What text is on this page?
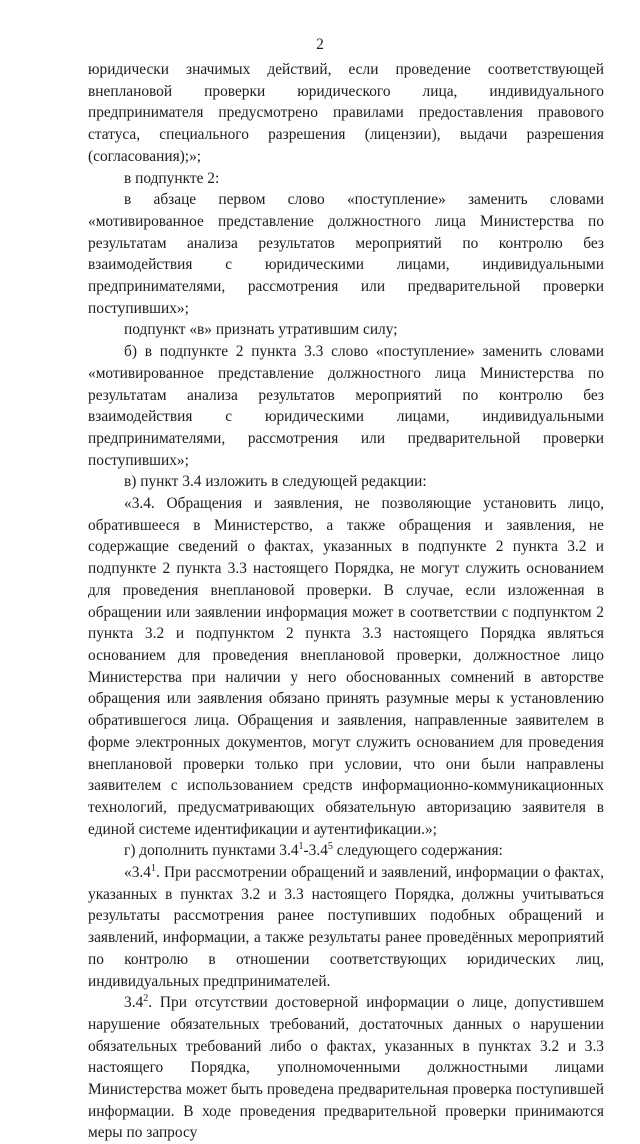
2

юридически значимых действий, если проведение соответствующей внеплановой проверки юридического лица, индивидуального предпринимателя предусмотрено правилами предоставления правового статуса, специального разрешения (лицензии), выдачи разрешения (согласования);»;

в подпункте 2:

в абзаце первом слово «поступление» заменить словами «мотивированное представление должностного лица Министерства по результатам анализа результатов мероприятий по контролю без взаимодействия с юридическими лицами, индивидуальными предпринимателями, рассмотрения или предварительной проверки поступивших»;

подпункт «в» признать утратившим силу;

б) в подпункте 2 пункта 3.3 слово «поступление» заменить словами «мотивированное представление должностного лица Министерства по результатам анализа результатов мероприятий по контролю без взаимодействия с юридическими лицами, индивидуальными предпринимателями, рассмотрения или предварительной проверки поступивших»;

в) пункт 3.4 изложить в следующей редакции:

«3.4. Обращения и заявления, не позволяющие установить лицо, обратившееся в Министерство, а также обращения и заявления, не содержащие сведений о фактах, указанных в подпункте 2 пункта 3.2 и подпункте 2 пункта 3.3 настоящего Порядка, не могут служить основанием для проведения внеплановой проверки. В случае, если изложенная в обращении или заявлении информация может в соответствии с подпунктом 2 пункта 3.2 и подпунктом 2 пункта 3.3 настоящего Порядка являться основанием для проведения внеплановой проверки, должностное лицо Министерства при наличии у него обоснованных сомнений в авторстве обращения или заявления обязано принять разумные меры к установлению обратившегося лица. Обращения и заявления, направленные заявителем в форме электронных документов, могут служить основанием для проведения внеплановой проверки только при условии, что они были направлены заявителем с использованием средств информационно-коммуникационных технологий, предусматривающих обязательную авторизацию заявителя в единой системе идентификации и аутентификации.»;

г) дополнить пунктами $3.4^1-3.4^5$ следующего содержания:

«$3.4^1$. При рассмотрении обращений и заявлений, информации о фактах, указанных в пунктах 3.2 и 3.3 настоящего Порядка, должны учитываться результаты рассмотрения ранее поступивших подобных обращений и заявлений, информации, а также результаты ранее проведённых мероприятий по контролю в отношении соответствующих юридических лиц, индивидуальных предпринимателей.

$3.4^2$. При отсутствии достоверной информации о лице, допустившем нарушение обязательных требований, достаточных данных о нарушении обязательных требований либо о фактах, указанных в пунктах 3.2 и 3.3 настоящего Порядка, уполномоченными должностными лицами Министерства может быть проведена предварительная проверка поступившей информации. В ходе проведения предварительной проверки принимаются меры по запросу
